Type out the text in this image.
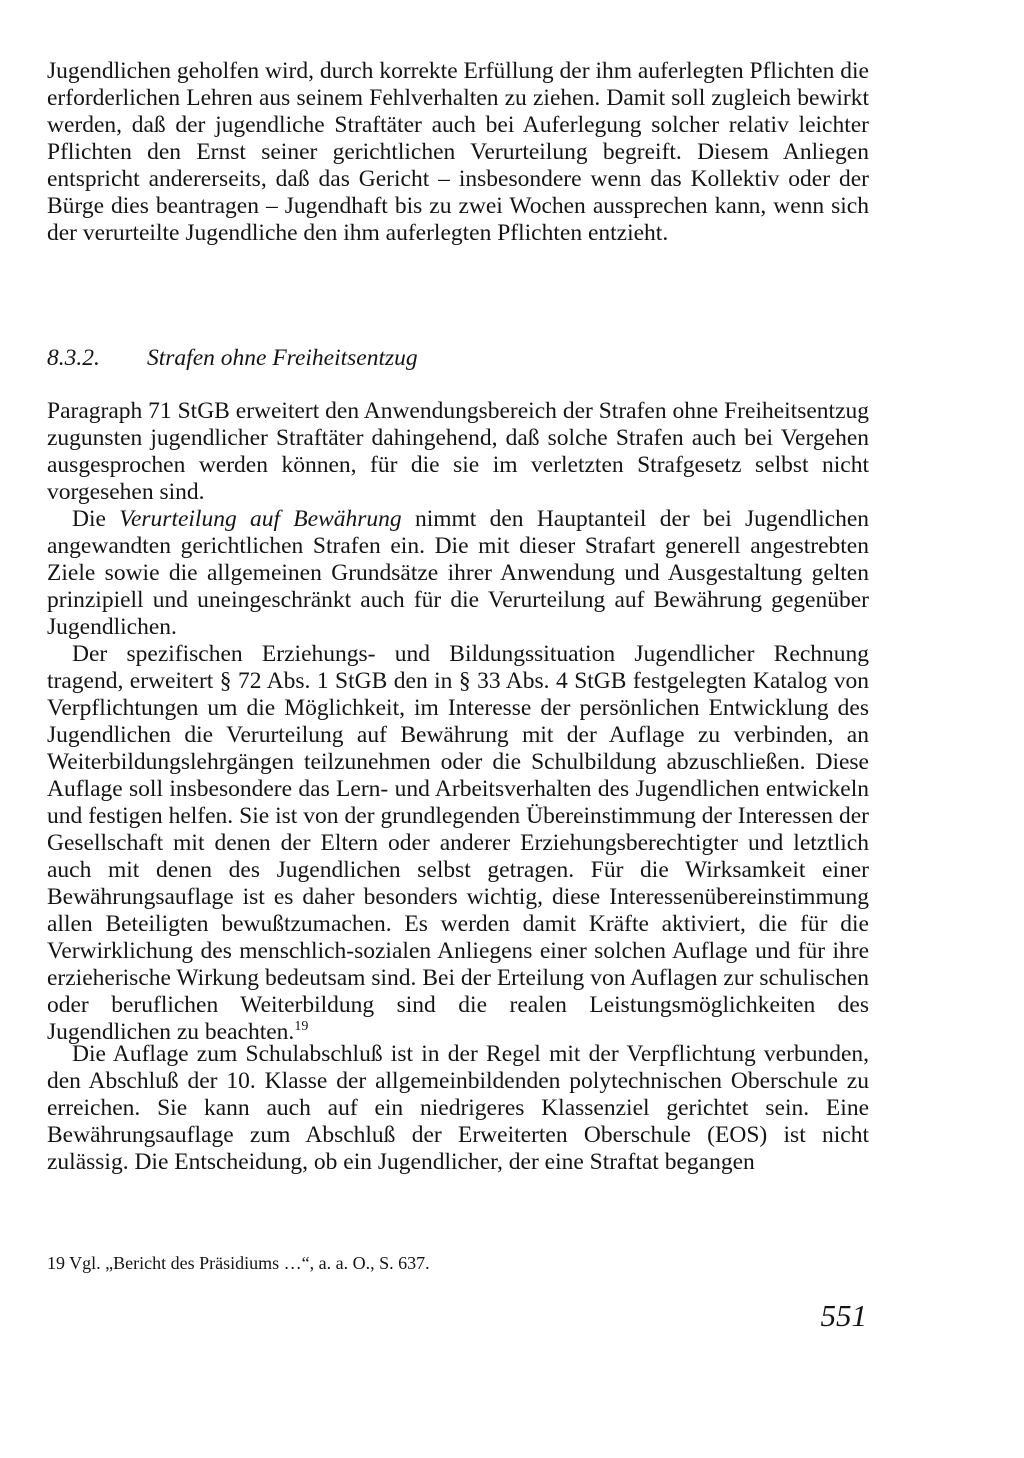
Jugendlichen geholfen wird, durch korrekte Erfüllung der ihm auferlegten Pflichten die erforderlichen Lehren aus seinem Fehlverhalten zu ziehen. Damit soll zugleich bewirkt werden, daß der jugendliche Straftäter auch bei Auferlegung solcher relativ leichter Pflichten den Ernst seiner gerichtlichen Verurteilung begreift. Diesem Anliegen entspricht andererseits, daß das Gericht – insbesondere wenn das Kollektiv oder der Bürge dies beantragen – Jugendhaft bis zu zwei Wochen aussprechen kann, wenn sich der verurteilte Jugendliche den ihm auferlegten Pflichten entzieht.

8.3.2. Strafen ohne Freiheitsentzug

Paragraph 71 StGB erweitert den Anwendungsbereich der Strafen ohne Freiheitsentzug zugunsten jugendlicher Straftäter dahingehend, daß solche Strafen auch bei Vergehen ausgesprochen werden können, für die sie im verletzten Strafgesetz selbst nicht vorgesehen sind.

Die Verurteilung auf Bewährung nimmt den Hauptanteil der bei Jugendlichen angewandten gerichtlichen Strafen ein. Die mit dieser Strafart generell angestrebten Ziele sowie die allgemeinen Grundsätze ihrer Anwendung und Ausgestaltung gelten prinzipiell und uneingeschränkt auch für die Verurteilung auf Bewährung gegenüber Jugendlichen.

Der spezifischen Erziehungs- und Bildungssituation Jugendlicher Rechnung tragend, erweitert § 72 Abs. 1 StGB den in § 33 Abs. 4 StGB festgelegten Katalog von Verpflichtungen um die Möglichkeit, im Interesse der persönlichen Entwicklung des Jugendlichen die Verurteilung auf Bewährung mit der Auflage zu verbinden, an Weiterbildungslehrgängen teilzunehmen oder die Schulbildung abzuschließen. Diese Auflage soll insbesondere das Lern- und Arbeitsverhalten des Jugendlichen entwickeln und festigen helfen. Sie ist von der grundlegenden Übereinstimmung der Interessen der Gesellschaft mit denen der Eltern oder anderer Erziehungsberechtigter und letztlich auch mit denen des Jugendlichen selbst getragen. Für die Wirksamkeit einer Bewährungsauflage ist es daher besonders wichtig, diese Interessenübereinstimmung allen Beteiligten bewußtzumachen. Es werden damit Kräfte aktiviert, die für die Verwirklichung des menschlich-sozialen Anliegens einer solchen Auflage und für ihre erzieherische Wirkung bedeutsam sind. Bei der Erteilung von Auflagen zur schulischen oder beruflichen Weiterbildung sind die realen Leistungsmöglichkeiten des Jugendlichen zu beachten.$^{19}$

Die Auflage zum Schulabschluß ist in der Regel mit der Verpflichtung verbunden, den Abschluß der 10. Klasse der allgemeinbildenden polytechnischen Oberschule zu erreichen. Sie kann auch auf ein niedrigeres Klassenziel gerichtet sein. Eine Bewährungsauflage zum Abschluß der Erweiterten Oberschule (EOS) ist nicht zulässig. Die Entscheidung, ob ein Jugendlicher, der eine Straftat begangen

19 Vgl. „Bericht des Präsidiums …“, a. a. O., S. 637.
551
